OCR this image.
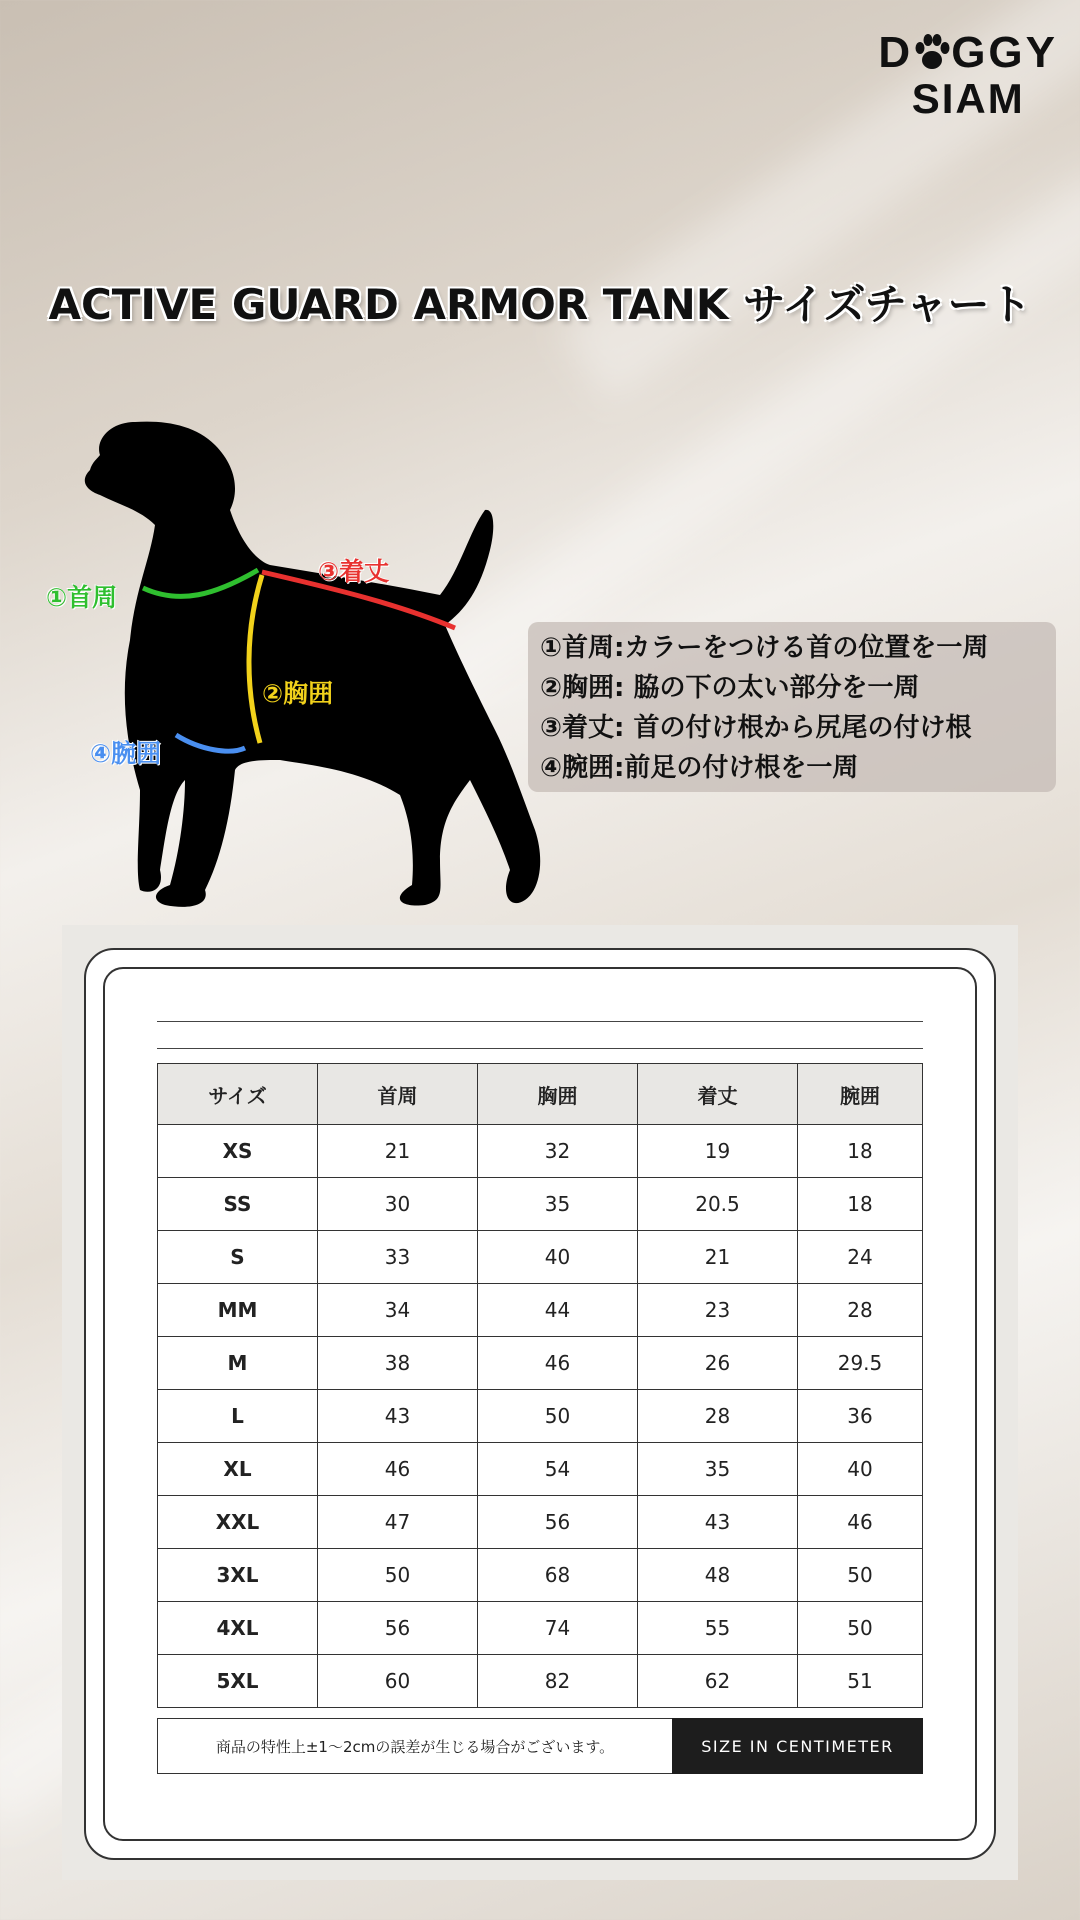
D GGY
SIAM
ACTIVE GUARD ARMOR TANK サイズチャート
①首周
③着丈
②胸囲
④腕囲
①首周:カラーをつける首の位置を一周
②胸囲: 脇の下の太い部分を一周
③着丈: 首の付け根から尻尾の付け根
④腕囲:前足の付け根を一周
サイズ	首周	胸囲	着丈	腕囲
XS	21	32	19	18
SS	30	35	20.5	18
S	33	40	21	24
MM	34	44	23	28
M	38	46	26	29.5
L	43	50	28	36
XL	46	54	35	40
XXL	47	56	43	46
3XL	50	68	48	50
4XL	56	74	55	50
5XL	60	82	62	51
商品の特性上±1〜2cmの誤差が生じる場合がございます。	SIZE IN CENTIMETER
